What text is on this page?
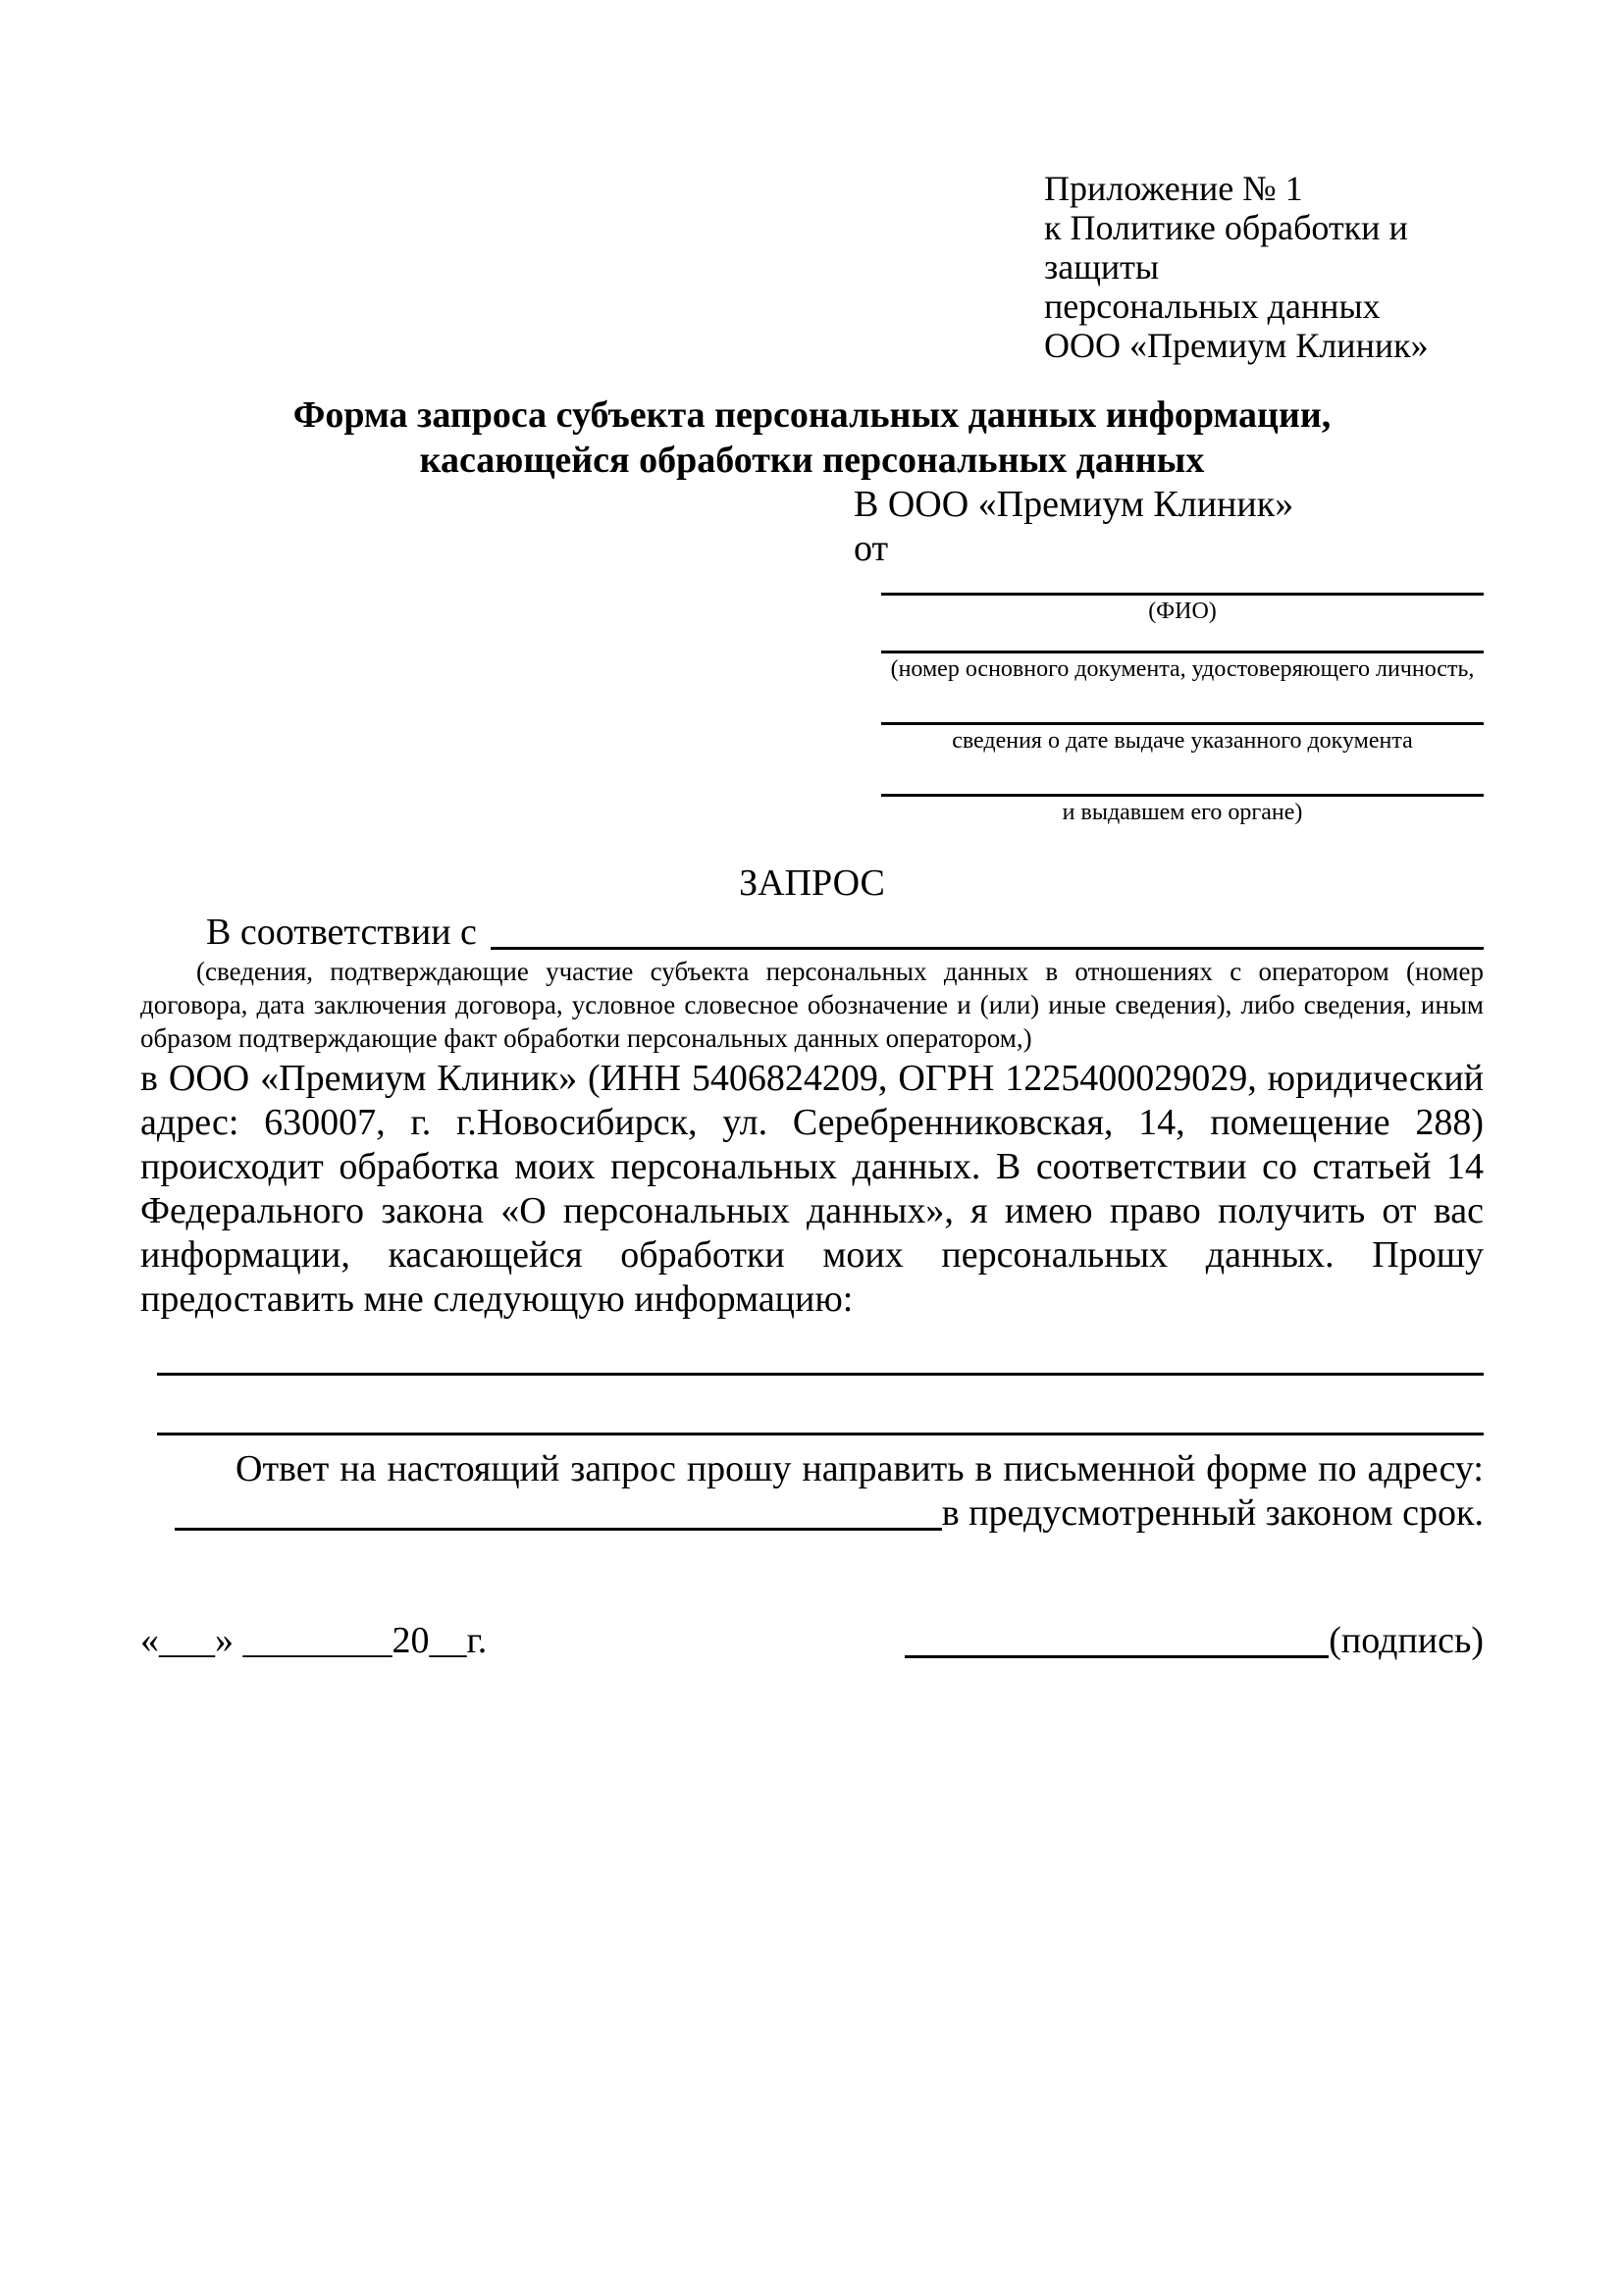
Приложение № 1
к Политике обработки и защиты
персональных данных
ООО «Премиум Клиник»
Форма запроса субъекта персональных данных информации,
касающейся обработки персональных данных
В ООО «Премиум Клиник»
от
(ФИО)
(номер основного документа, удостоверяющего личность,
сведения о дате выдаче указанного документа
и выдавшем его органе)
ЗАПРОС
В соответствии с

(сведения, подтверждающие участие субъекта персональных данных в отношениях с оператором (номер договора, дата заключения договора, условное словесное обозначение и (или) иные сведения), либо сведения, иным образом подтверждающие факт обработки персональных данных оператором,)

в ООО «Премиум Клиник» (ИНН 5406824209, ОГРН 1225400029029, юридический адрес: 630007, г. г.Новосибирск, ул. Серебренниковская, 14, помещение 288) происходит обработка моих персональных данных. В соответствии со статьей 14 Федерального закона «О персональных данных», я имею право получить от вас информации, касающейся обработки моих персональных данных. Прошу предоставить мне следующую информацию:

Ответ на настоящий запрос прошу направить в письменной форме по адресу:
в предусмотренный законом срок.
«___» ________20__г.	(подпись)
